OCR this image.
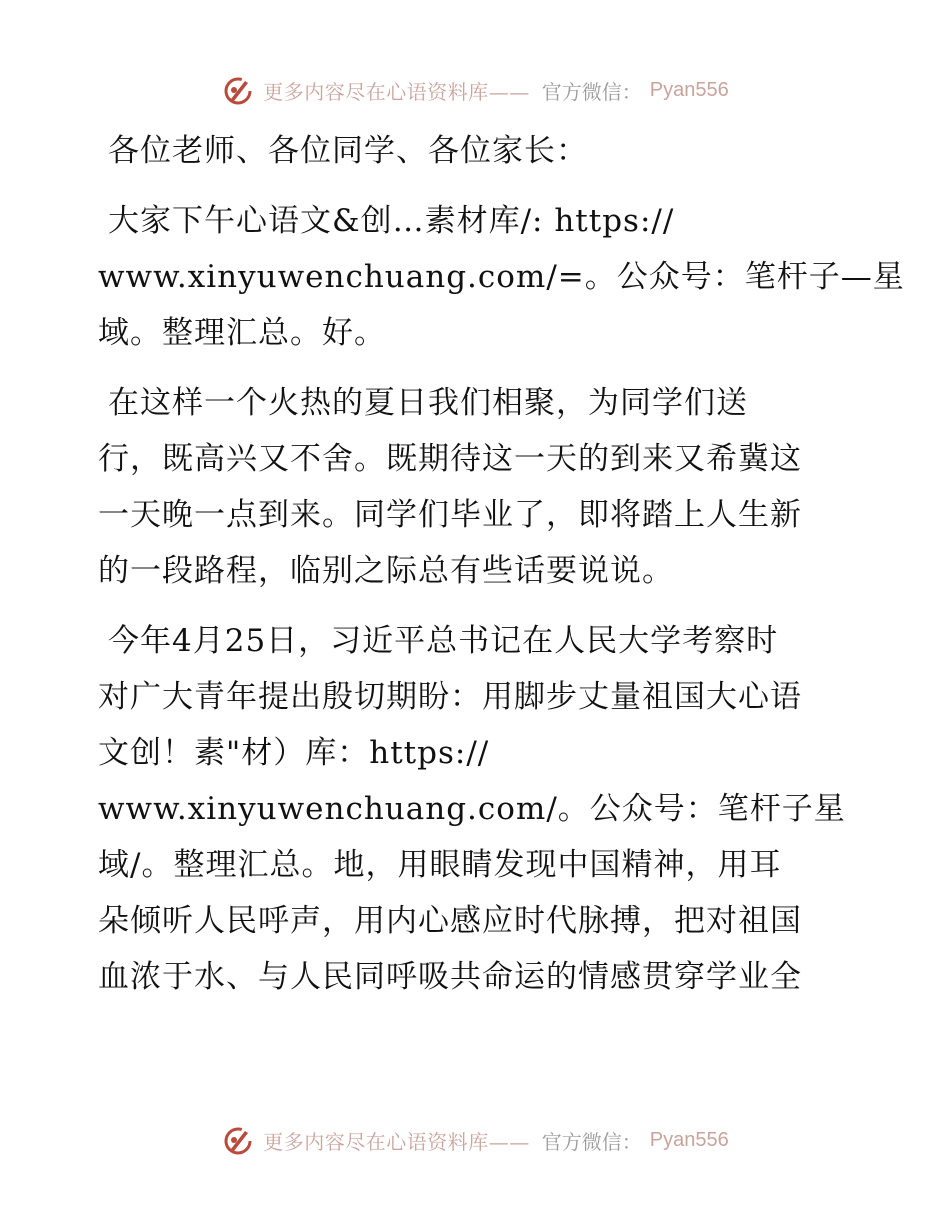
更多内容尽在心语资料库—— 官方微信： Pyan556
各位老师、各位同学、各位家长：
大家下午心语文&创…素材库/: https://
www.xinyuwenchuang.com/=。公众号：笔杆子—星
域。整理汇总。好。
在这样一个火热的夏日我们相聚，为同学们送
行，既高兴又不舍。既期待这一天的到来又希冀这
一天晚一点到来。同学们毕业了，即将踏上人生新
的一段路程，临别之际总有些话要说说。
今年4月25日，习近平总书记在人民大学考察时
对广大青年提出殷切期盼：用脚步丈量祖国大心语
文创！素"材）库：https://
www.xinyuwenchuang.com/。公众号：笔杆子星
域/。整理汇总。地，用眼睛发现中国精神，用耳
朵倾听人民呼声，用内心感应时代脉搏，把对祖国
血浓于水、与人民同呼吸共命运的情感贯穿学业全
更多内容尽在心语资料库—— 官方微信： Pyan556
